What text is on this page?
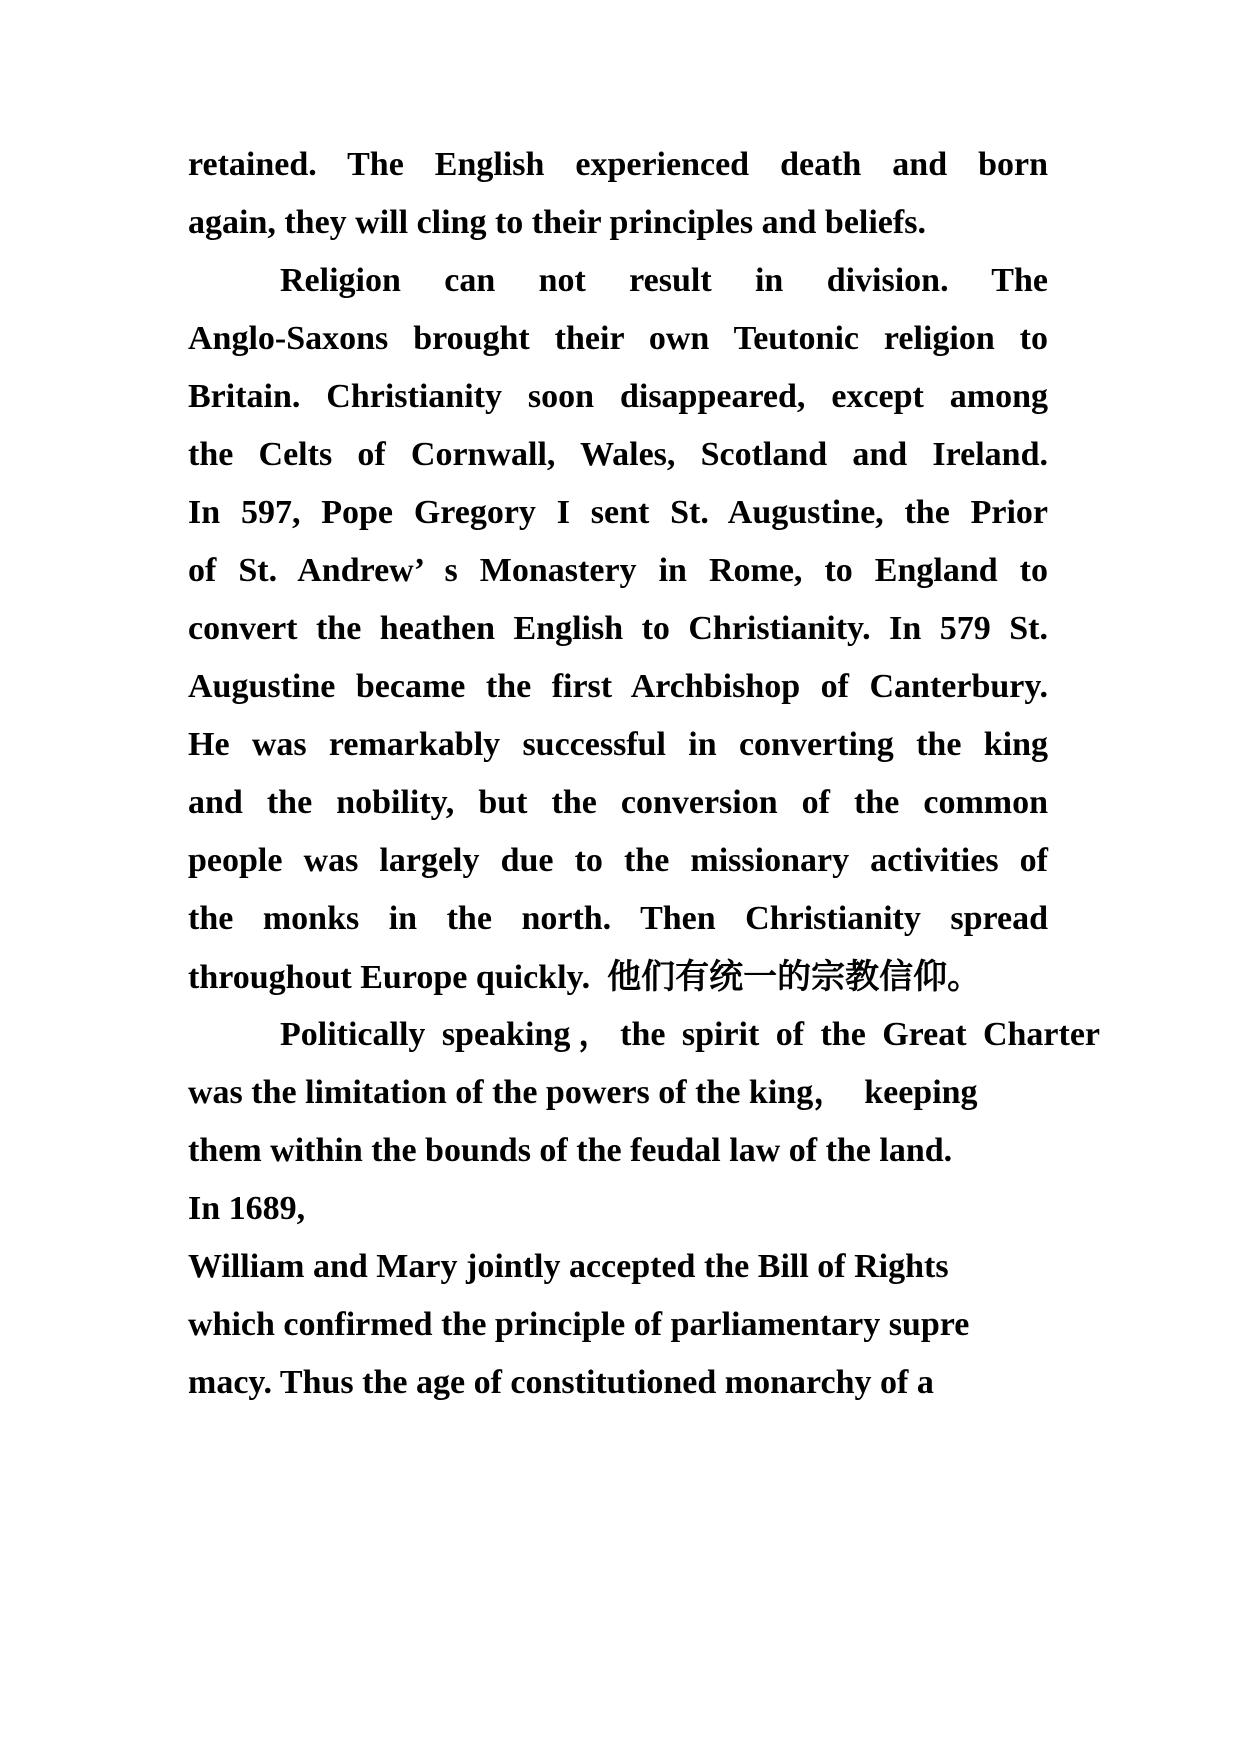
retained. The English experienced death and born
again, they will cling to their principles and beliefs.
Religion can not result in division. The
Anglo-Saxons brought their own Teutonic religion to
Britain. Christianity soon disappeared, except among
the Celts of Cornwall, Wales, Scotland and Ireland.
In 597, Pope Gregory I sent St. Augustine, the Prior
of St. Andrew’ s Monastery in Rome, to England to
convert the heathen English to Christianity. In 579 St.
Augustine became the first Archbishop of Canterbury.
He was remarkably successful in converting the king
and the nobility, but the conversion of the common
people was largely due to the missionary activities of
the monks in the north. Then Christianity spread
throughout Europe quickly. 他们有统一的宗教信仰。
Politically speaking，the spirit of the Great Charter
was the limitation of the powers of the king，  keeping
them within the bounds of the feudal law of the land.
In 1689,
William and Mary jointly accepted the Bill of Rights
which confirmed the principle of parliamentary supre
macy. Thus the age of constitutioned monarchy of a
